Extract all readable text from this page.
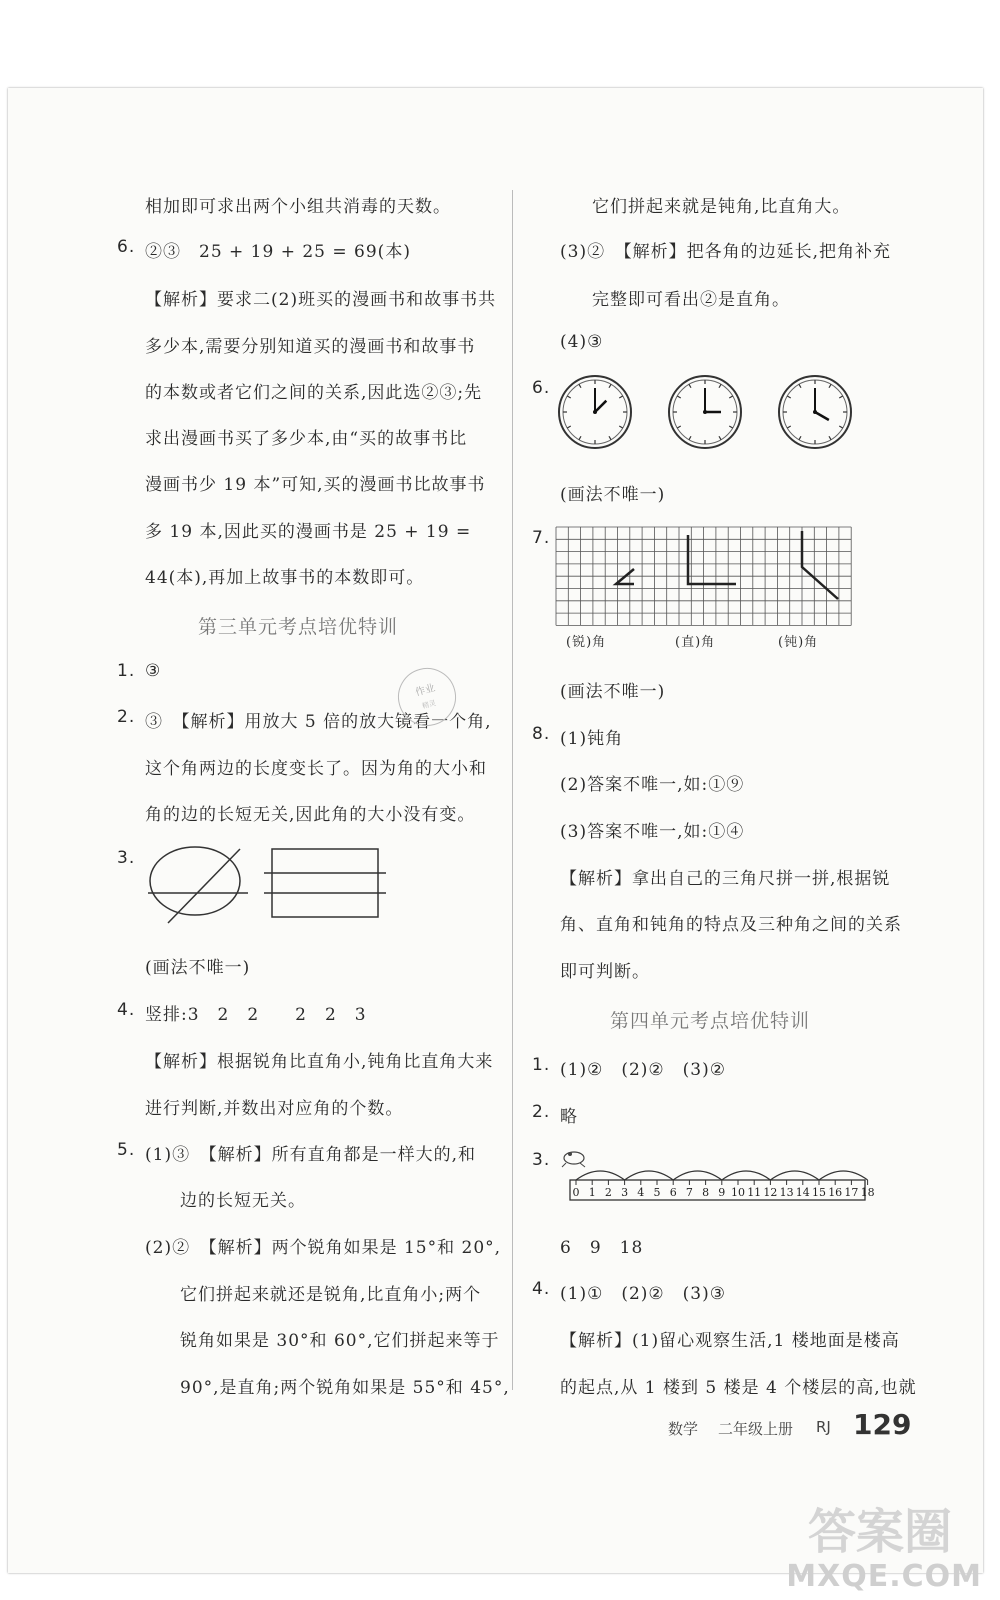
相加即可求出两个小组共消毒的天数。
6. ②③　25 + 19 + 25 = 69(本)
【解析】要求二(2)班买的漫画书和故事书共
多少本,需要分别知道买的漫画书和故事书
的本数或者它们之间的关系,因此选②③;先
求出漫画书买了多少本,由“买的故事书比
漫画书少 19 本”可知,买的漫画书比故事书
多 19 本,因此买的漫画书是 25 + 19 =
44(本),再加上故事书的本数即可。
1. ③
2. ③　【解析】用放大 5 倍的放大镜看一个角,
这个角两边的长度变长了。因为角的大小和
角的边的长短无关,因此角的大小没有变。
3.
(画法不唯一)
4. 竖排:3　2　2　　2　2　3
【解析】根据锐角比直角小,钝角比直角大来
进行判断,并数出对应角的个数。
5. (1)③　【解析】所有直角都是一样大的,和
边的长短无关。
(2)②　【解析】两个锐角如果是 15°和 20°,
它们拼起来就还是锐角,比直角小;两个
锐角如果是 30°和 60°,它们拼起来等于
90°,是直角;两个锐角如果是 55°和 45°,
它们拼起来就是钝角,比直角大。
(3)②　【解析】把各角的边延长,把角补充
完整即可看出②是直角。
(4)③
6.
(画法不唯一)
7.
(画法不唯一)
8. (1)钝角
(2)答案不唯一,如:①⑨
(3)答案不唯一,如:①④
【解析】拿出自己的三角尺拼一拼,根据锐
角、直角和钝角的特点及三种角之间的关系
即可判断。
1. (1)②　(2)②　(3)②
2. 略
3.
6　9　18
4. (1)①　(2)②　(3)③
【解析】(1)留心观察生活,1 楼地面是楼高
的起点,从 1 楼到 5 楼是 4 个楼层的高,也就
第三单元考点培优特训
第四单元考点培优特训
(锐)角	(直)角	(钝)角
0 1 2 3 4 5 6 7 8 9 10 11 12 13 14 15 16 17 18
作业
精灵
数学 二年级上册 RJ 129
答案圈
MXQE.COM
